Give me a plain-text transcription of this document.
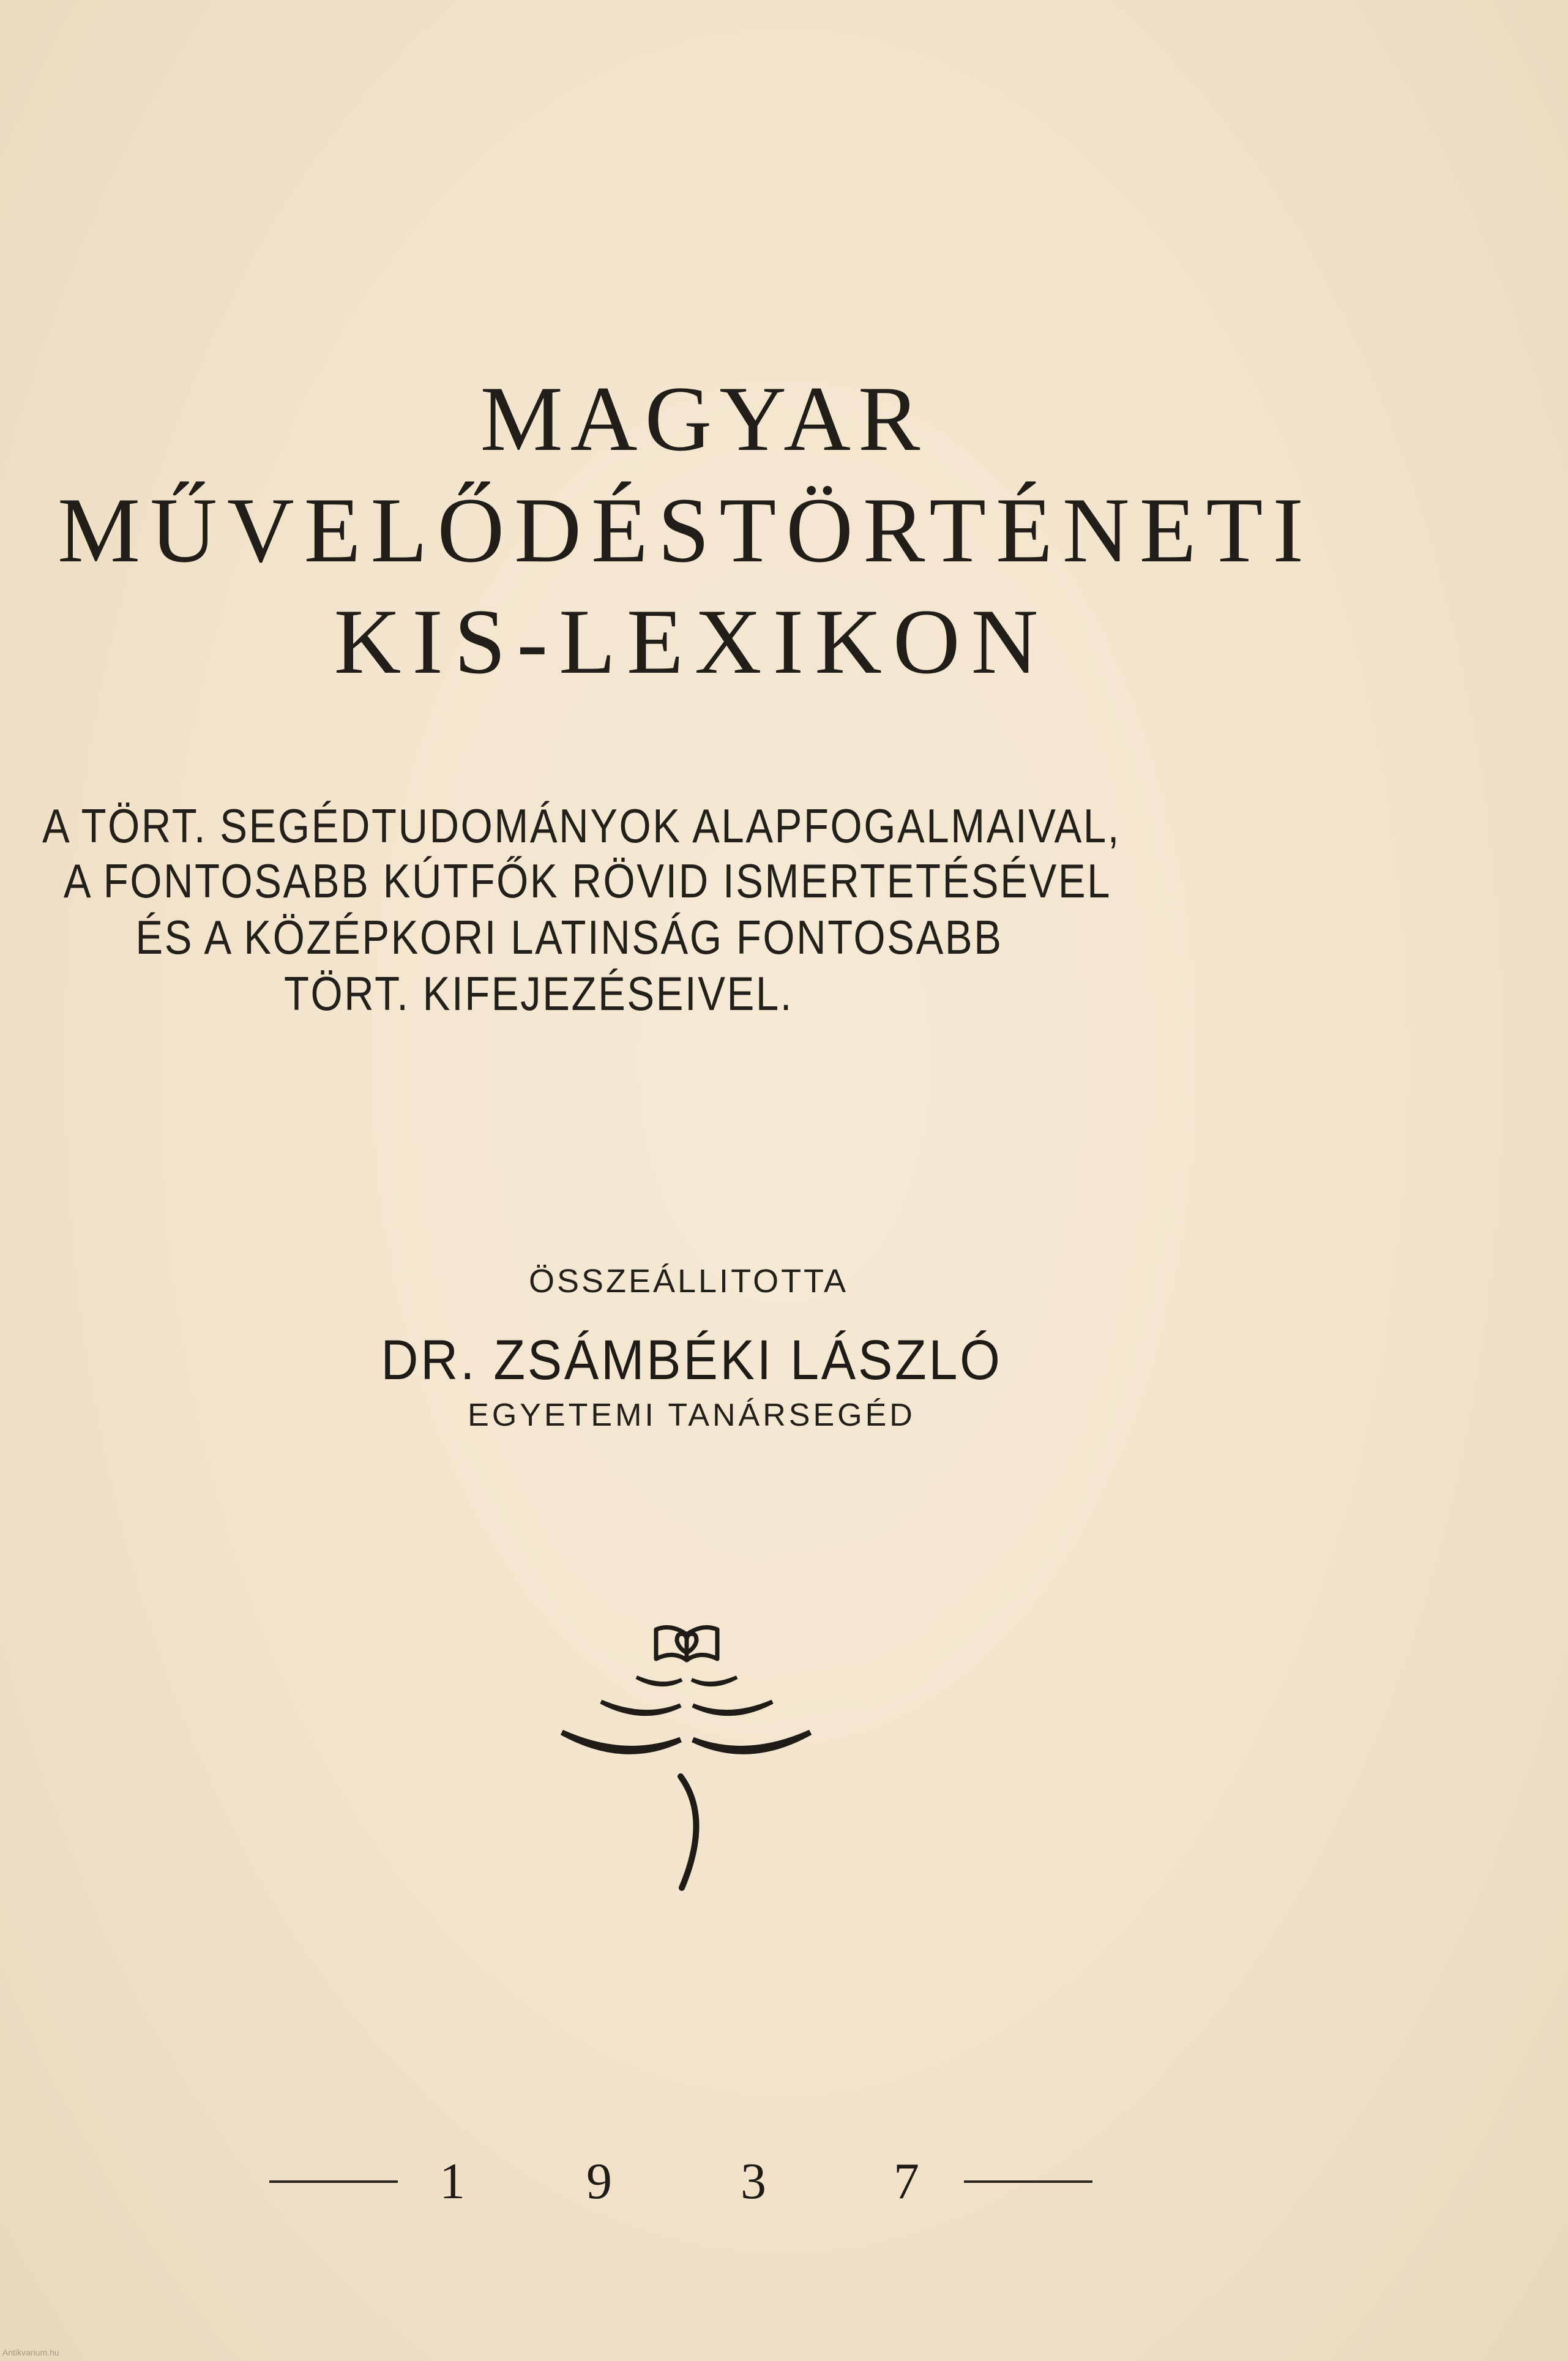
MAGYAR
MŰVELŐDÉSTÖRTÉNETI
KIS-LEXIKON
A TÖRT. SEGÉDTUDOMÁNYOK ALAPFOGALMAIVAL,
A FONTOSABB KÚTFŐK RÖVID ISMERTETÉSÉVEL
ÉS A KÖZÉPKORI LATINSÁG FONTOSABB
TÖRT. KIFEJEZÉSEIVEL.
ÖSSZEÁLLITOTTA
DR. ZSÁMBÉKI LÁSZLÓ
EGYETEMI TANÁRSEGÉD
1 9	3 7
Antikvarium.hu
